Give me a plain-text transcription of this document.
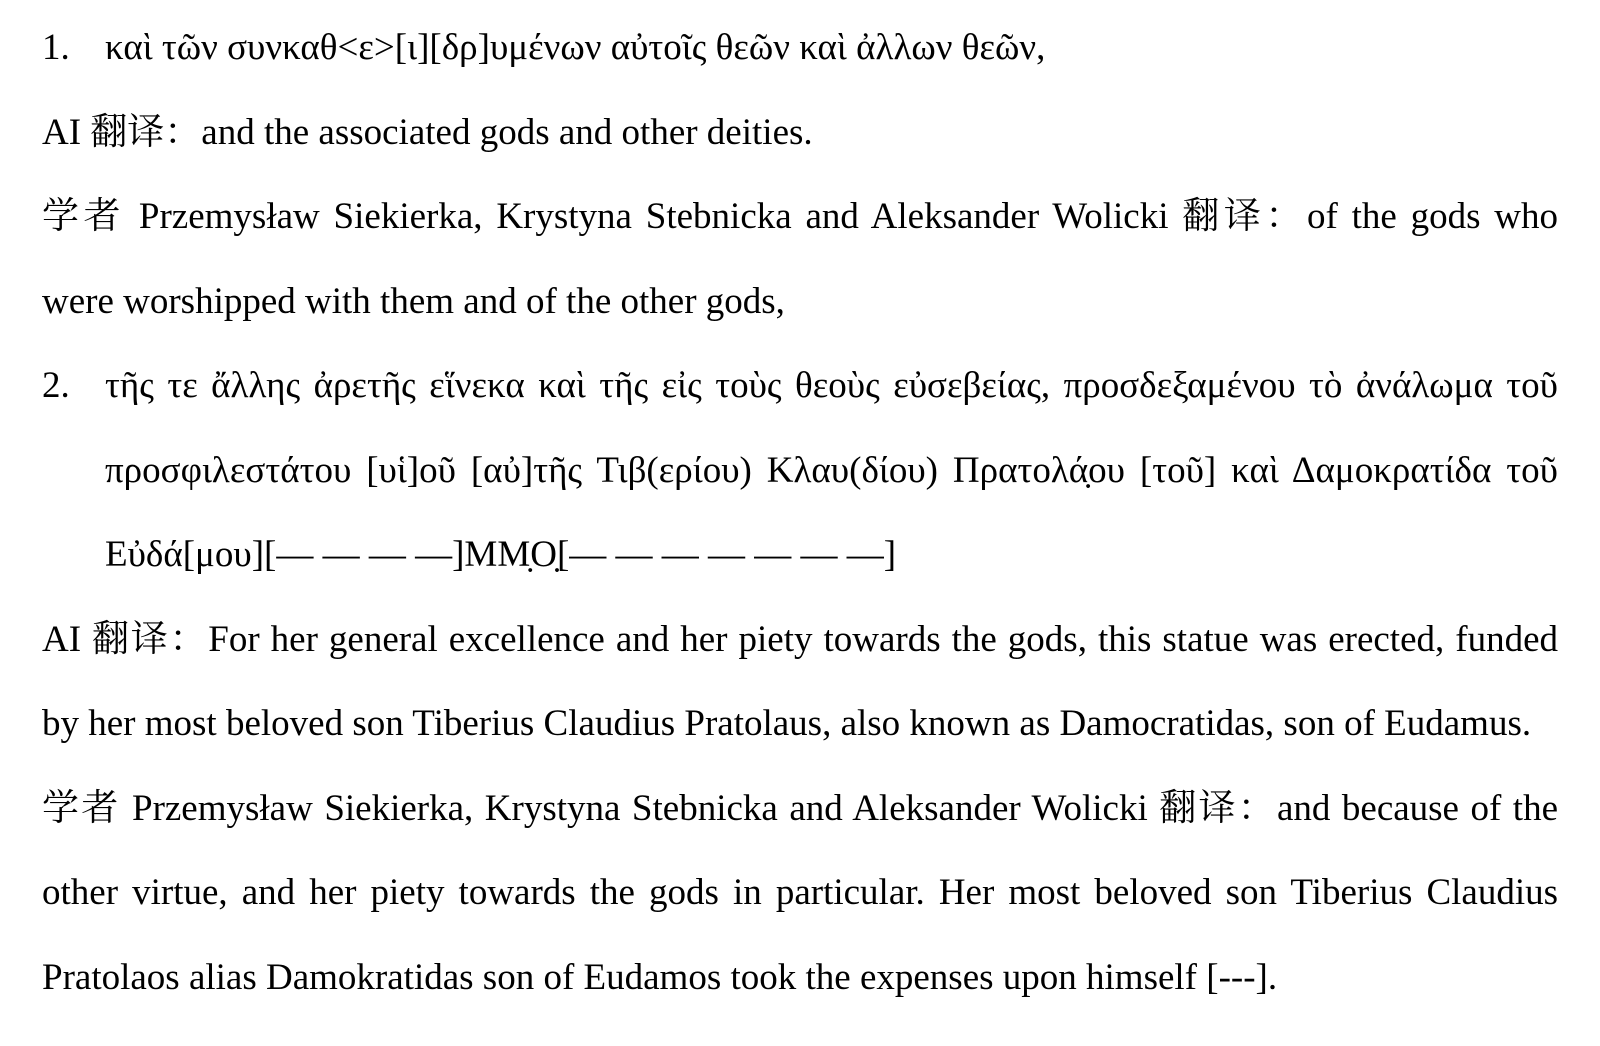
1. καὶ τῶν συνκαθ<ε>[ι][δρ]υμένων αὐτοῖς θεῶν καὶ ἀλλων θεῶν,
AI 翻译：and the associated gods and other deities.
学者 Przemysław Siekierka, Krystyna Stebnicka and Aleksander Wolicki 翻译：of the gods who
were worshipped with them and of the other gods,
2. τῆς τε ἄλλης ἀρετῆς εἵνεκα καὶ τῆς εἰς τοὺς θεοὺς εὐσεβείας, προσδεξαμένου τὸ ἀνάλωμα τοῦ
προσφιλεστάτου [υἱ]οῦ [αὐ]τῆς Τιβ(ερίου) Κλαυ(δίου) Πρατολά̣ου [τοῦ] καὶ Δαμοκρατίδα τοῦ
Εὐδά[μου][— — — —]ΜΜ̣Ο̣[— — — — — — —]
AI 翻译：For her general excellence and her piety towards the gods, this statue was erected, funded
by her most beloved son Tiberius Claudius Pratolaus, also known as Damocratidas, son of Eudamus.
学者 Przemysław Siekierka, Krystyna Stebnicka and Aleksander Wolicki 翻译：and because of the
other virtue, and her piety towards the gods in particular. Her most beloved son Tiberius Claudius
Pratolaos alias Damokratidas son of Eudamos took the expenses upon himself [---].
